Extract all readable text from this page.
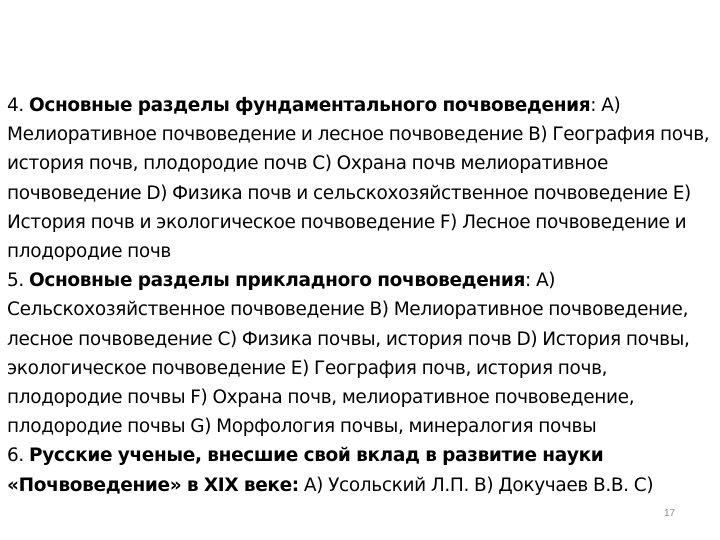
4. Основные разделы фундаментального почвоведения: А) Мелиоративное почвоведение и лесное почвоведение В) География почв, история почв, плодородие почв С) Охрана почв мелиоративное почвоведение D) Физика почв и сельскохозяйственное почвоведение Е) История почв и экологическое почвоведение F) Лесное почвоведение и плодородие почв

5. Основные разделы прикладного почвоведения: А) Сельскохозяйственное почвоведение В) Мелиоративное почвоведение, лесное почвоведение С) Физика почвы, история почв D) История почвы, экологическое почвоведение Е) География почв, история почв, плодородие почвы F) Охрана почв, мелиоративное почвоведение, плодородие почвы G) Морфология почвы, минералогия почвы

6. Русские ученые, внесшие свой вклад в развитие науки «Почвоведение» в XIX веке: А) Усольский Л.П. В) Докучаев В.В. С)

17
